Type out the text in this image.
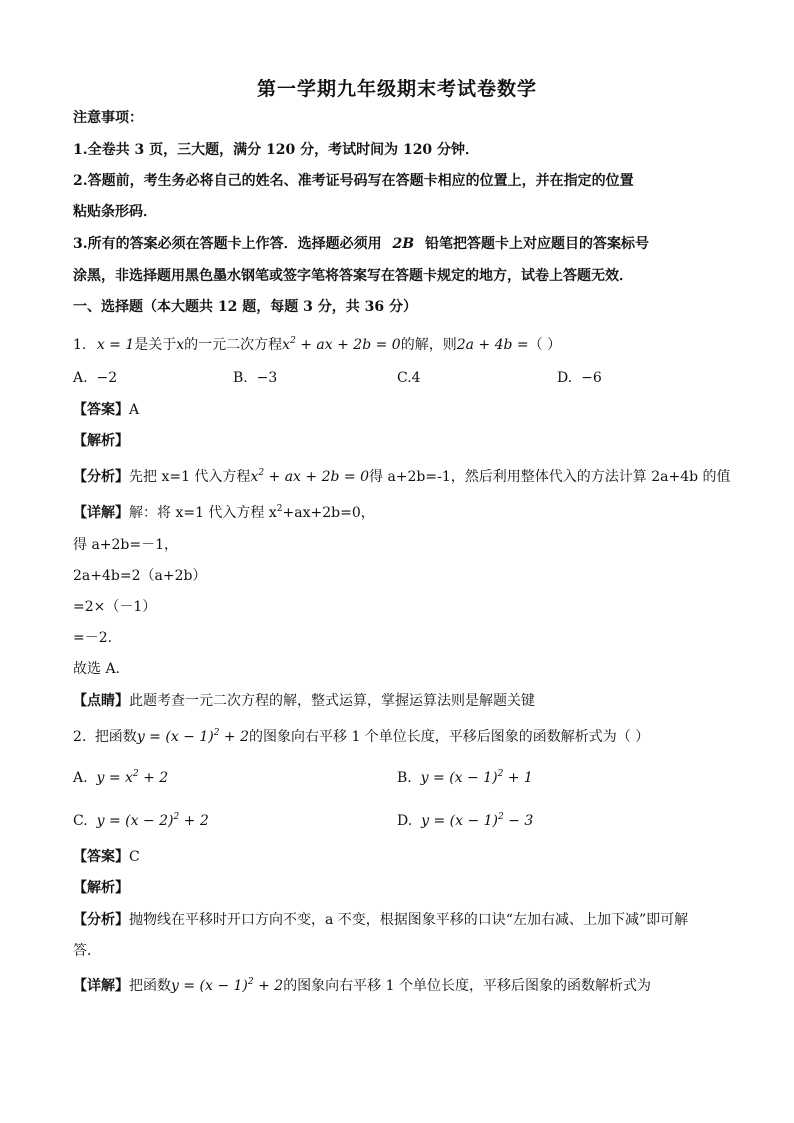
第一学期九年级期末考试卷数学
注意事项：
1.全卷共 3 页，三大题，满分 120 分，考试时间为 120 分钟．
2.答题前，考生务必将自己的姓名、准考证号码写在答题卡相应的位置上，并在指定的位置
粘贴条形码．
3.所有的答案必须在答题卡上作答．选择题必须用 2B 铅笔把答题卡上对应题目的答案标号
涂黑，非选择题用黑色墨水钢笔或签字笔将答案写在答题卡规定的地方，试卷上答题无效．
一、选择题（本大题共 12 题，每题 3 分，共 36 分）
1. x = 1是关于x的一元二次方程$x^2$ + ax + 2b = 0的解，则2a + 4b =（ ）
A. −2	B. −3	C.4	D. −6
【答案】A
【解析】
【分析】先把 x=1 代入方程$x^2$ + ax + 2b = 0得 a+2b=-1，然后利用整体代入的方法计算 2a+4b 的值
【详解】解：将 x=1 代入方程 $x^2+ax+2b=0$，
得 a+2b=－1，
2a+4b=2（a+2b）
=2×（－1）
=－2.
故选 A.
【点睛】此题考查一元二次方程的解，整式运算，掌握运算法则是解题关键
2. 把函数$y = (x - 1)^2 + 2$的图象向右平移 1 个单位长度，平移后图象的函数解析式为（ ）
A. $y = x^2 + 2$	B. $y = (x - 1)^2 + 1$
C. $y = (x - 2)^2 + 2$	D. $y = (x - 1)^2 - 3$
【答案】C
【解析】
【分析】抛物线在平移时开口方向不变，a 不变，根据图象平移的口诀“左加右减、上加下减”即可解
答．
【详解】把函数$y = (x - 1)^2 + 2$的图象向右平移 1 个单位长度，平移后图象的函数解析式为
